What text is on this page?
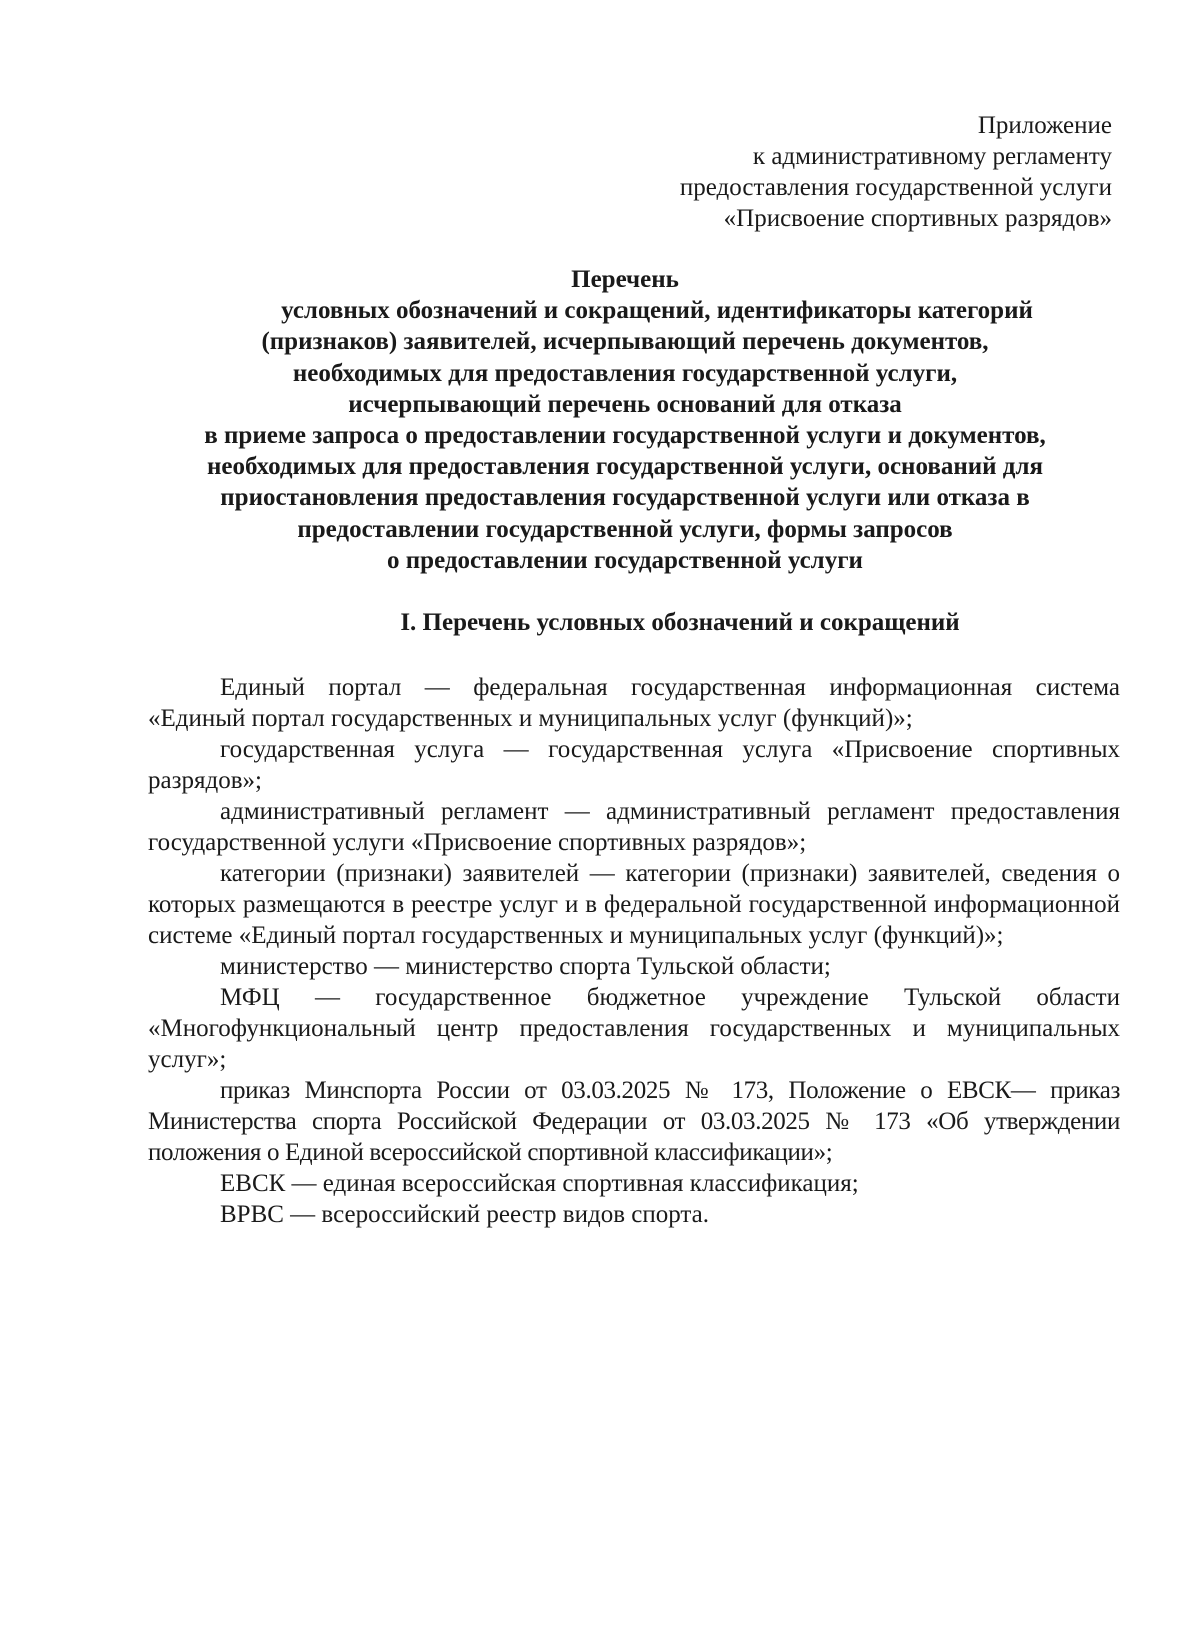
Приложение
к административному регламенту
предоставления государственной услуги
«Присвоение спортивных разрядов»
Перечень
условных обозначений и сокращений, идентификаторы категорий
(признаков) заявителей, исчерпывающий перечень документов,
необходимых для предоставления государственной услуги,
исчерпывающий перечень оснований для отказа
в приеме запроса о предоставлении государственной услуги и документов,
необходимых для предоставления государственной услуги, оснований для
приостановления предоставления государственной услуги или отказа в
предоставлении государственной услуги, формы запросов
о предоставлении государственной услуги
I. Перечень условных обозначений и сокращений

Единый портал — федеральная государственная информационная система «Единый портал государственных и муниципальных услуг (функций)»;

государственная услуга — государственная услуга «Присвоение спортивных разрядов»;

административный регламент — административный регламент предоставления государственной услуги «Присвоение спортивных разрядов»;

категории (признаки) заявителей — категории (признаки) заявителей, сведения о которых размещаются в реестре услуг и в федеральной государственной информационной системе «Единый портал государственных и муниципальных услуг (функций)»;

министерство — министерство спорта Тульской области;

МФЦ — государственное бюджетное учреждение Тульской области «Многофункциональный центр предоставления государственных и муниципальных услуг»;

приказ Минспорта России от 03.03.2025 № 173, Положение о ЕВСК— приказ Министерства спорта Российской Федерации от 03.03.2025 № 173 «Об утверждении положения о Единой всероссийской спортивной классификации»;

ЕВСК — единая всероссийская спортивная классификация;

ВРВС — всероссийский реестр видов спорта.
